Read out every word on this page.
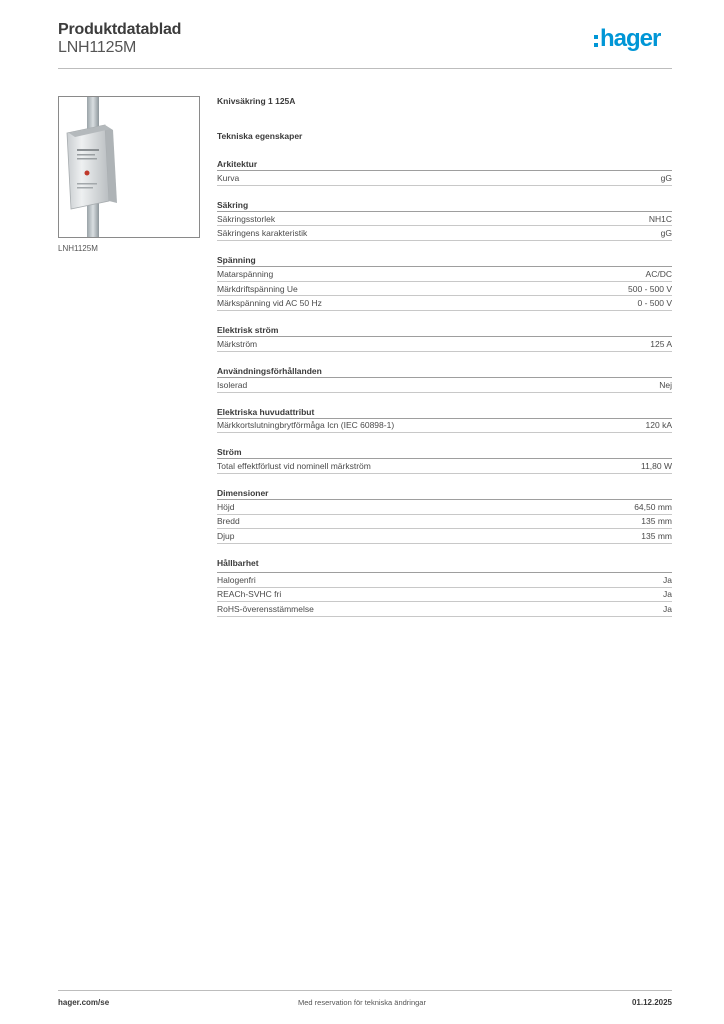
Produktdatablad
LNH1125M	hager
LNH1125M
Knivsäkring 1 125A
Tekniska egenskaper
Arkitektur
Kurva	gG
Säkring
Säkringsstorlek	NH1C
Säkringens karakteristik	gG
Spänning
Matarspänning	AC/DC
Märkdriftspänning Ue	500 - 500 V
Märkspänning vid AC 50 Hz	0 - 500 V
Elektrisk ström
Märkström	125 A
Användningsförhållanden
Isolerad	Nej
Elektriska huvudattribut
Märkkortslutningbrytförmåga Icn (IEC 60898-1)	120 kA
Ström
Total effektförlust vid nominell märkström	11,80 W
Dimensioner
Höjd	64,50 mm
Bredd	135 mm
Djup	135 mm
Hållbarhet
Halogenfri	Ja
REACh-SVHC fri	Ja
RoHS-överensstämmelse	Ja
hager.com/se	Med reservation för tekniska ändringar	01.12.2025
